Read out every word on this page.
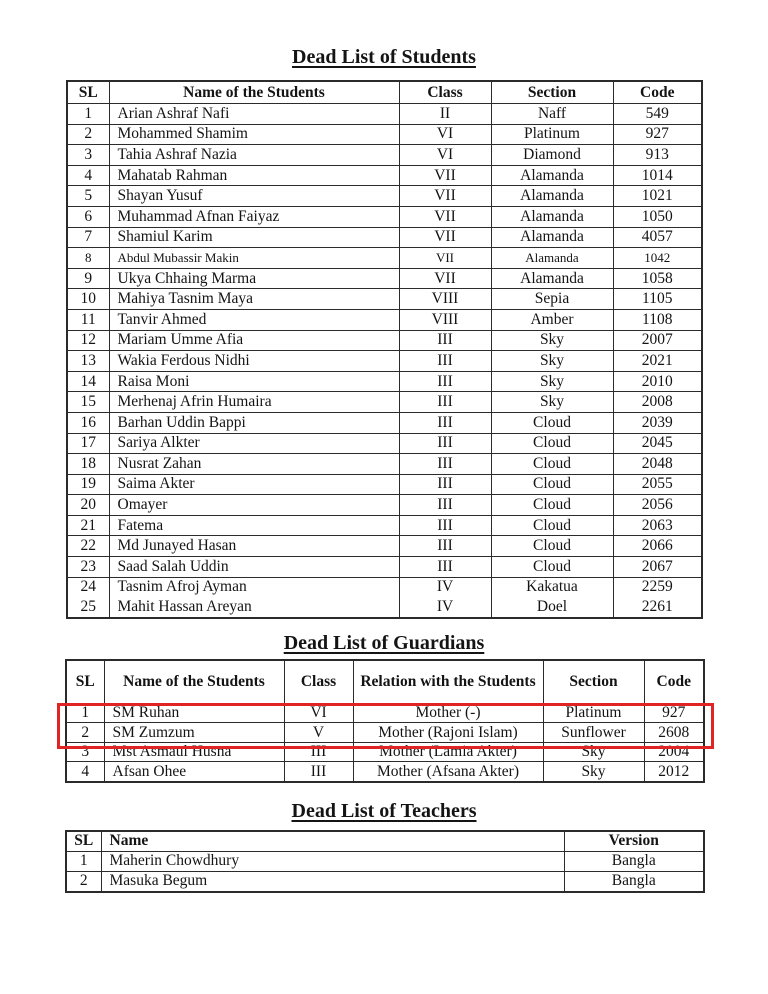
Dead List of Students
SL	Name of the Students	Class	Section	Code
1	Arian Ashraf Nafi	II	Naff	549
2	Mohammed Shamim	VI	Platinum	927
3	Tahia Ashraf Nazia	VI	Diamond	913
4	Mahatab Rahman	VII	Alamanda	1014
5	Shayan Yusuf	VII	Alamanda	1021
6	Muhammad Afnan Faiyaz	VII	Alamanda	1050
7	Shamiul Karim	VII	Alamanda	4057
8	Abdul Mubassir Makin	VII	Alamanda	1042
9	Ukya Chhaing Marma	VII	Alamanda	1058
10	Mahiya Tasnim Maya	VIII	Sepia	1105
11	Tanvir Ahmed	VIII	Amber	1108
12	Mariam Umme Afia	III	Sky	2007
13	Wakia Ferdous Nidhi	III	Sky	2021
14	Raisa Moni	III	Sky	2010
15	Merhenaj Afrin Humaira	III	Sky	2008
16	Barhan Uddin Bappi	III	Cloud	2039
17	Sariya Alkter	III	Cloud	2045
18	Nusrat Zahan	III	Cloud	2048
19	Saima Akter	III	Cloud	2055
20	Omayer	III	Cloud	2056
21	Fatema	III	Cloud	2063
22	Md Junayed Hasan	III	Cloud	2066
23	Saad Salah Uddin	III	Cloud	2067
24	Tasnim Afroj Ayman	IV	Kakatua	2259
25	Mahit Hassan Areyan	IV	Doel	2261
Dead List of Guardians
SL	Name of the Students	Class	Relation with the Students	Section	Code
1	SM Ruhan	VI	Mother (-)	Platinum	927
2	SM Zumzum	V	Mother (Rajoni Islam)	Sunflower	2608
3	Mst Asmaul Husna	III	Mother (Lamia Akter)	Sky	2004
4	Afsan Ohee	III	Mother (Afsana Akter)	Sky	2012
Dead List of Teachers
SL	Name	Version
1	Maherin Chowdhury	Bangla
2	Masuka Begum	Bangla
